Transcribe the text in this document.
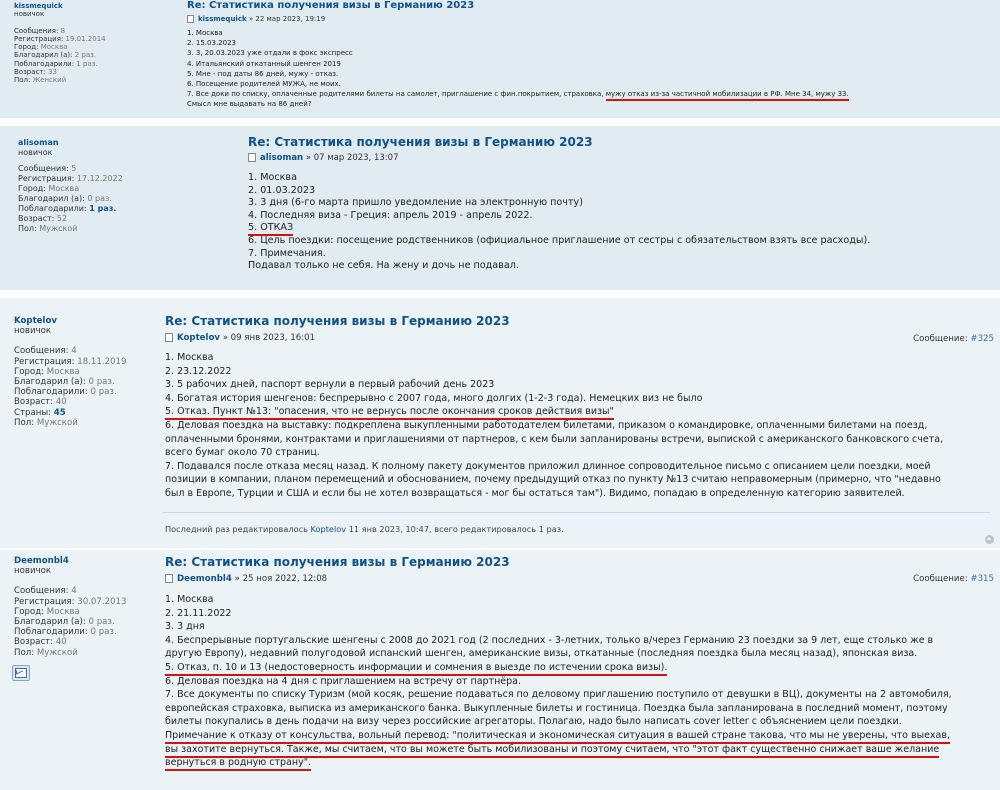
kissmequick
новичок
Сообщения: 8
Регистрация: 19.01.2014
Город: Москва
Благодарил (а): 2 раз.
Поблагодарили: 1 раз.
Возраст: 33
Пол: Женский
Re: Статистика получения визы в Германию 2023
kissmequick » 22 мар 2023, 19:19
1. Москва
2. 15.03.2023
3. 3, 20.03.2023 уже отдали в фокс экспресс
4. Итальянский откатанный шенген 2019
5. Мне - под даты 86 дней, мужу - отказ.
6. Посещение родителей МУЖА, не моих.
7. Все доки по списку, оплаченные родителями билеты на самолет, приглашение с фин.покрытием, страховка, мужу отказ из-за частичной мобилизации в РФ. Мне 34, мужу 33.
Смысл мне выдавать на 86 дней?
alisoman
новичок
Сообщения: 5
Регистрация: 17.12.2022
Город: Москва
Благодарил (а): 0 раз.
Поблагодарили: 1 раз.
Возраст: 52
Пол: Мужской
Re: Статистика получения визы в Германию 2023
alisoman » 07 мар 2023, 13:07
1. Москва
2. 01.03.2023
3. 3 дня (6-го марта пришло уведомление на электронную почту)
4. Последняя виза - Греция: апрель 2019 - апрель 2022.
5. ОТКАЗ
6. Цель поездки: посещение родственников (официальное приглашение от сестры с обязательством взять все расходы).
7. Примечания.
Подавал только не себя. На жену и дочь не подавал.
Koptelov
новичок
Сообщения: 4
Регистрация: 18.11.2019
Город: Москва
Благодарил (а): 0 раз.
Поблагодарили: 0 раз.
Возраст: 40
Страны: 45
Пол: Мужской
Re: Статистика получения визы в Германию 2023
Koptelov » 09 янв 2023, 16:01
1. Москва
2. 23.12.2022
3. 5 рабочих дней, паспорт вернули в первый рабочий день 2023
4. Богатая история шенгенов: беспрерывно с 2007 года, много долгих (1-2-3 года). Немецких виз не было
5. Отказ. Пункт №13: "опасения, что не вернусь после окончания сроков действия визы"
6. Деловая поездка на выставку: подкреплена выкупленными работодателем билетами, приказом о командировке, оплаченными билетами на поезд,
оплаченными бронями, контрактами и приглашениями от партнеров, с кем были запланированы встречи, выпиской с американского банковского счета,
всего бумаг около 70 страниц.
7. Подавался после отказа месяц назад. К полному пакету документов приложил длинное сопроводительное письмо с описанием цели поездки, моей
позиции в компании, планом перемещений и обоснованием, почему предыдущий отказ по пункту №13 считаю неправомерным (примерно, что "недавно
был в Европе, Турции и США и если бы не хотел возвращаться - мог бы остаться там"). Видимо, попадаю в определенную категорию заявителей.
Сообщение: #325
Последний раз редактировалось Koptelov 11 янв 2023, 10:47, всего редактировалось 1 раз.
Deemonbl4
новичок
Сообщения: 4
Регистрация: 30.07.2013
Город: Москва
Благодарил (а): 0 раз.
Поблагодарили: 0 раз.
Возраст: 40
Пол: Мужской
Re: Статистика получения визы в Германию 2023
Deemonbl4 » 25 ноя 2022, 12:08
1. Москва
2. 21.11.2022
3. 3 дня
4. Беспрерывные португальские шенгены с 2008 до 2021 год (2 последних - 3-летних, только в/через Германию 23 поездки за 9 лет, еще столько же в
другую Европу), недавний полугодовой испанский шенген, американские визы, откатанные (последняя поездка была месяц назад), японская виза.
5. Отказ, п. 10 и 13 (недостоверность информации и сомнения в выезде по истечении срока визы).
6. Деловая поездка на 4 дня с приглашением на встречу от партнёра.
7. Все документы по списку Туризм (мой косяк, решение подаваться по деловому приглашению поступило от девушки в ВЦ), документы на 2 автомобиля,
европейская страховка, выписка из американского банка. Выкупленные билеты и гостиница. Поездка была запланирована в последний момент, поэтому
билеты покупались в день подачи на визу через российские агрегаторы. Полагаю, надо было написать cover letter с объяснением цели поездки.
Примечание к отказу от консульства, вольный перевод: "политическая и экономическая ситуация в вашей стране такова, что мы не уверены, что выехав,
вы захотите вернуться. Также, мы считаем, что вы можете быть мобилизованы и поэтому считаем, что "этот факт существенно снижает ваше желание
вернуться в родную страну".
Сообщение: #315
